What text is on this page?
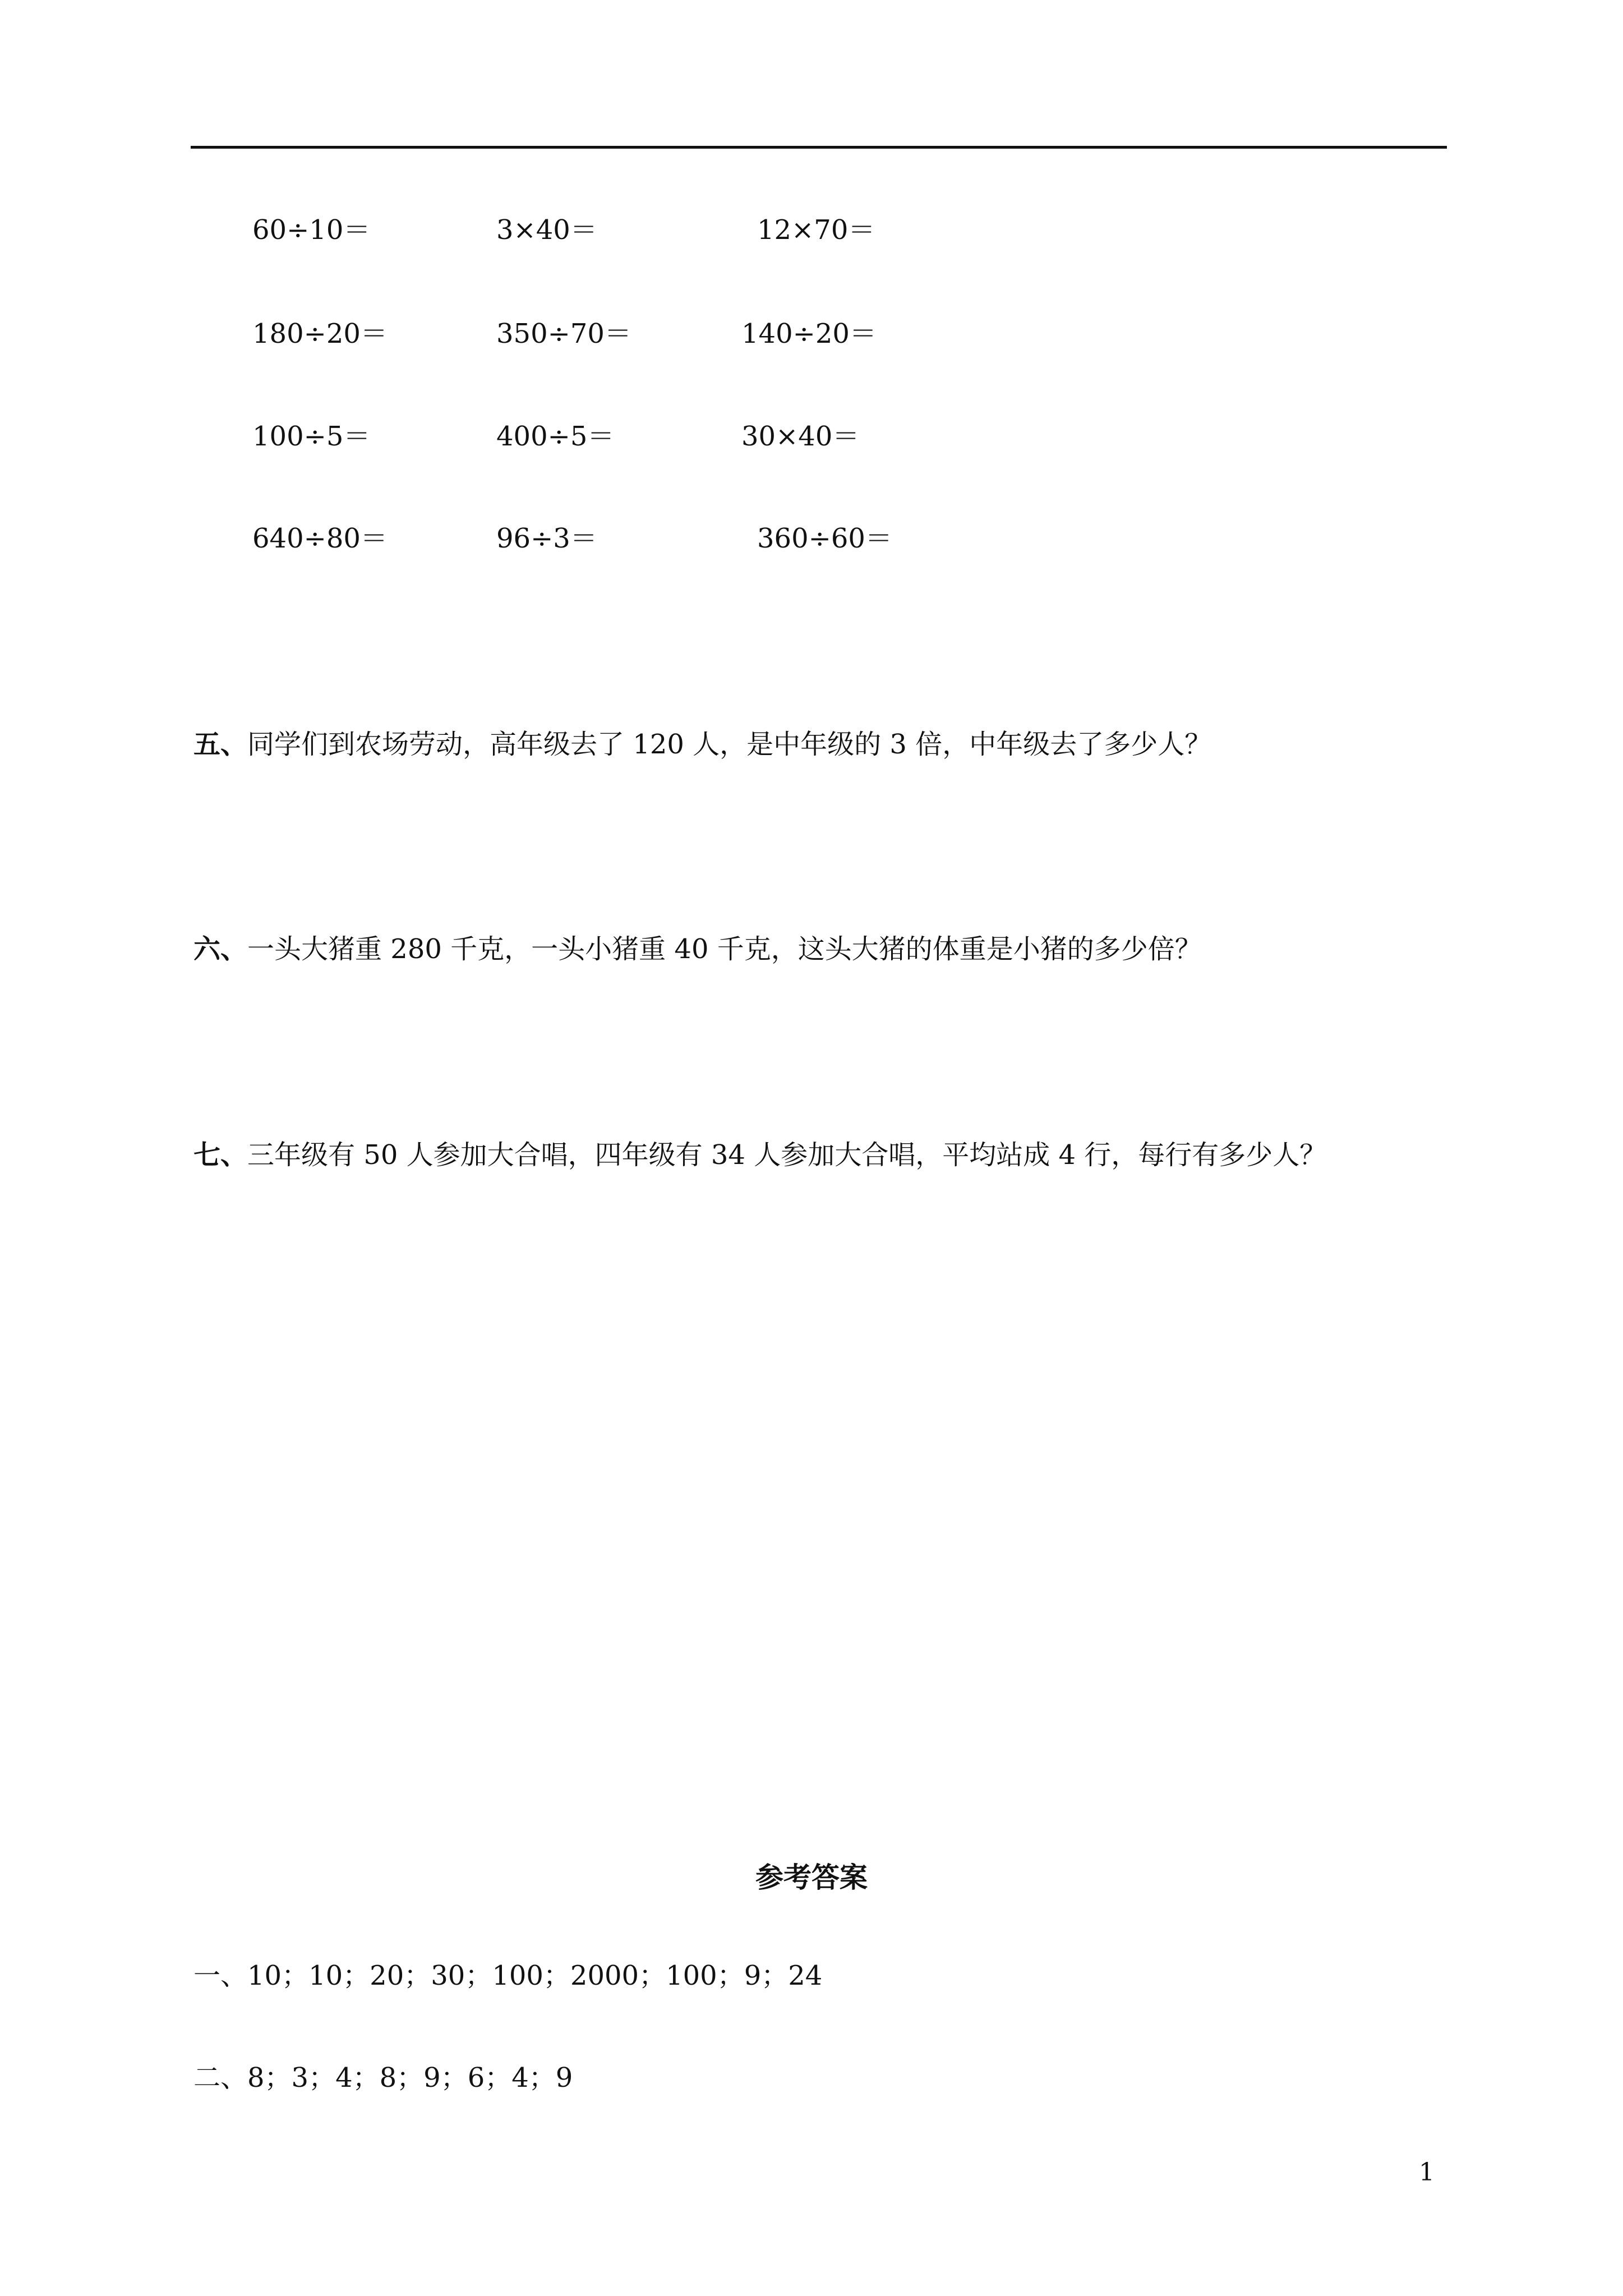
60÷10＝	3×40＝	12×70＝
180÷20＝	350÷70＝	140÷20＝
100÷5＝	400÷5＝	30×40＝
640÷80＝	96÷3＝	360÷60＝
五、同学们到农场劳动，高年级去了 120 人，是中年级的 3 倍，中年级去了多少人？
六、一头大猪重 280 千克，一头小猪重 40 千克，这头大猪的体重是小猪的多少倍？
七、三年级有 50 人参加大合唱，四年级有 34 人参加大合唱，平均站成 4 行，每行有多少人？
参考答案
一、10；10；20；30；100；2000；100；9；24
二、8；3；4；8；9；6；4；9
1
